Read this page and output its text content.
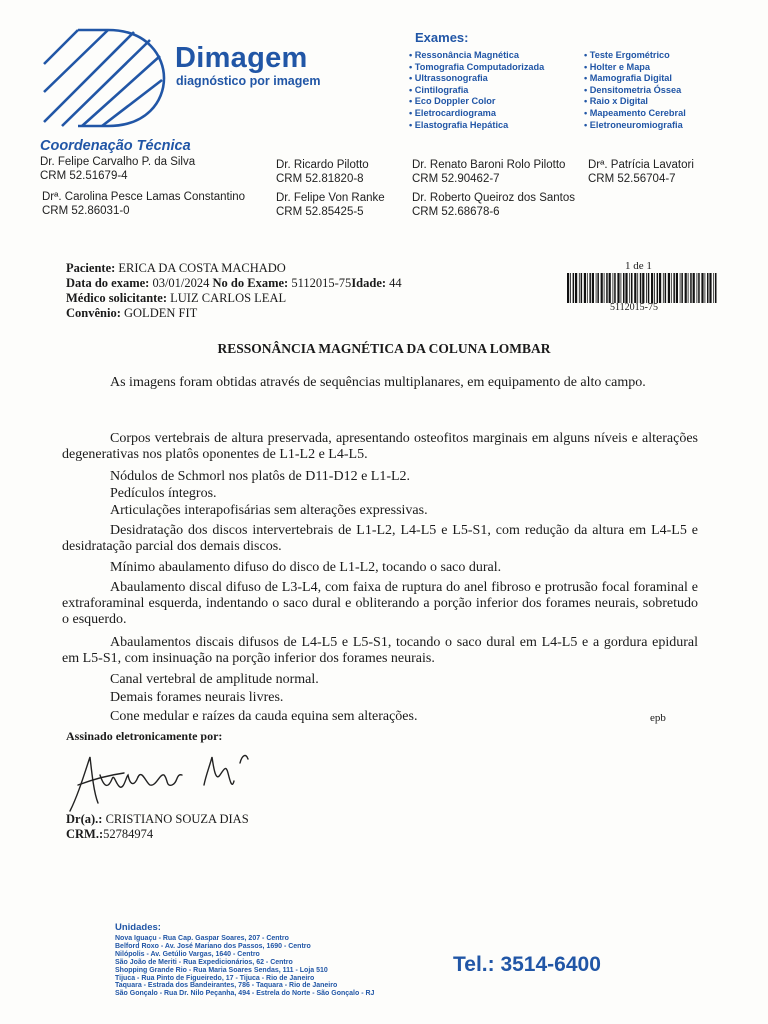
Dimagem
diagnóstico por imagem
Exames:
• Ressonância Magnética
• Tomografia Computadorizada
• Ultrassonografia
• Cintilografia
• Eco Doppler Color
• Eletrocardiograma
• Elastografia Hepática
• Teste Ergométrico
• Holter e Mapa
• Mamografia Digital
• Densitometria Óssea
• Raio x Digital
• Mapeamento Cerebral
• Eletroneuromiografia
Coordenação Técnica
Dr. Felipe Carvalho P. da Silva
CRM 52.51679-4
Dr. Ricardo Pilotto
CRM 52.81820-8
Dr. Renato Baroni Rolo Pilotto
CRM 52.90462-7
Drª. Patrícia Lavatori
CRM 52.56704-7
Drª. Carolina Pesce Lamas Constantino
CRM 52.86031-0
Dr. Felipe Von Ranke
CRM 52.85425-5
Dr. Roberto Queiroz dos Santos
CRM 52.68678-6
Paciente: ERICA DA COSTA MACHADO
Data do exame: 03/01/2024 No do Exame: 5112015-75Idade: 44
Médico solicitante: LUIZ CARLOS LEAL
Convênio: GOLDEN FIT
1 de 1
5112015-75
RESSONÂNCIA MAGNÉTICA DA COLUNA LOMBAR
As imagens foram obtidas através de sequências multiplanares, em equipamento de alto campo.
Corpos vertebrais de altura preservada, apresentando osteofitos marginais em alguns níveis e alterações degenerativas nos platôs oponentes de L1-L2 e L4-L5.
Nódulos de Schmorl nos platôs de D11-D12 e L1-L2.
Pedículos íntegros.
Articulações interapofisárias sem alterações expressivas.
Desidratação dos discos intervertebrais de L1-L2, L4-L5 e L5-S1, com redução da altura em L4-L5 e desidratação parcial dos demais discos.
Mínimo abaulamento difuso do disco de L1-L2, tocando o saco dural.
Abaulamento discal difuso de L3-L4, com faixa de ruptura do anel fibroso e protrusão focal foraminal e extraforaminal esquerda, indentando o saco dural e obliterando a porção inferior dos forames neurais, sobretudo o esquerdo.
Abaulamentos discais difusos de L4-L5 e L5-S1, tocando o saco dural em L4-L5 e a gordura epidural em L5-S1, com insinuação na porção inferior dos forames neurais.
Canal vertebral de amplitude normal.
Demais forames neurais livres.
Cone medular e raízes da cauda equina sem alterações.	epb
Assinado eletronicamente por:
Dr(a).: CRISTIANO SOUZA DIAS
CRM.:52784974
Unidades:
Nova Iguaçu - Rua Cap. Gaspar Soares, 207 - Centro
Belford Roxo - Av. José Mariano dos Passos, 1690 - Centro
Nilópolis - Av. Getúlio Vargas, 1640 - Centro
São João de Meriti - Rua Expedicionários, 62 - Centro
Shopping Grande Rio - Rua Maria Soares Sendas, 111 - Loja 510
Tijuca - Rua Pinto de Figueiredo, 17 - Tijuca - Rio de Janeiro
Taquara - Estrada dos Bandeirantes, 786 - Taquara - Rio de Janeiro
São Gonçalo - Rua Dr. Nilo Peçanha, 494 - Estrela do Norte - São Gonçalo - RJ
Tel.: 3514-6400
